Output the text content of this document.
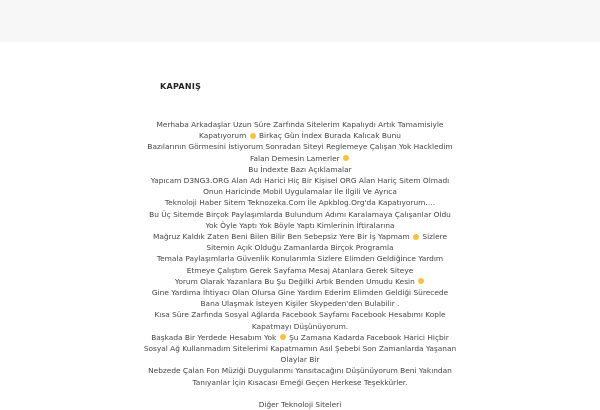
KAPANIŞ
Merhaba Arkadaşlar Uzun Süre Zarfında Sitelerim Kapalıydı Artık Tamamisiyle
Kapatıyorum Birkaç Gün İndex Burada Kalıcak Bunu
Bazılarının Görmesini İstiyorum Sonradan Siteyi Reglemeye Çalışan Yok Hackledim
Falan Demesin Lamerler
Bu İndexte Bazı Açıklamalar
Yapıcam D3NG3.ORG Alan Adı Harici Hiç Bir Kişisel ORG Alan Hariç Sitem Olmadı
Onun Haricinde Mobil Uygulamalar İle İlgili Ve Ayrıca
Teknoloji Haber Sitem Teknozeka.Com İle Apkblog.Org'da Kapatıyorum….
Bu Üç Sitemde Birçok Paylaşımlarda Bulundum Adımı Karalamaya Çalışanlar Oldu
Yok Öyle Yaptı Yok Böyle Yaptı Kimlerinin İftiralarına
Mağruz Kaldık Zaten Beni Bilen Bilir Ben Sebepsiz Yere Bir İş Yapmam Sizlere
Sitemin Açık Olduğu Zamanlarda Birçok Programla
Temala Paylaşımlarla Güvenlik Konularımla Sizlere Elimden Geldiğince Yardım
Etmeye Çalıştım Gerek Sayfama Mesaj Atanlara Gerek Siteye
Yorum Olarak Yazanlara Bu Şu Değilki Artık Benden Umudu Kesin
Gine Yardıma İhtiyacı Olan Olursa Gine Yardım Ederim Elimden Geldiği Sürecede
Bana Ulaşmak İsteyen Kişiler Skypeden'den Bulabilir .
Kısa Süre Zarfında Sosyal Ağlarda Facebook Sayfamı Facebook Hesabımı Kople
Kapatmayı Düşünüyorum.
Başkada Bir Yerdede Hesabım Yok Şu Zamana Kadarda Facebook Harici Hiçbir
Sosyal Ağ Kullanmadım Sitelerimi Kapatmamın Asıl Şebebi Son Zamanlarda Yaşanan
Olaylar Bir
Nebzede Çalan Fon Müziği Duygularımı Yansıtacağını Düşünüyorum Beni Yakından
Tanıyanlar İçin Kısacası Emeği Geçen Herkese Teşekkürler.
Diğer Teknoloji Siteleri
